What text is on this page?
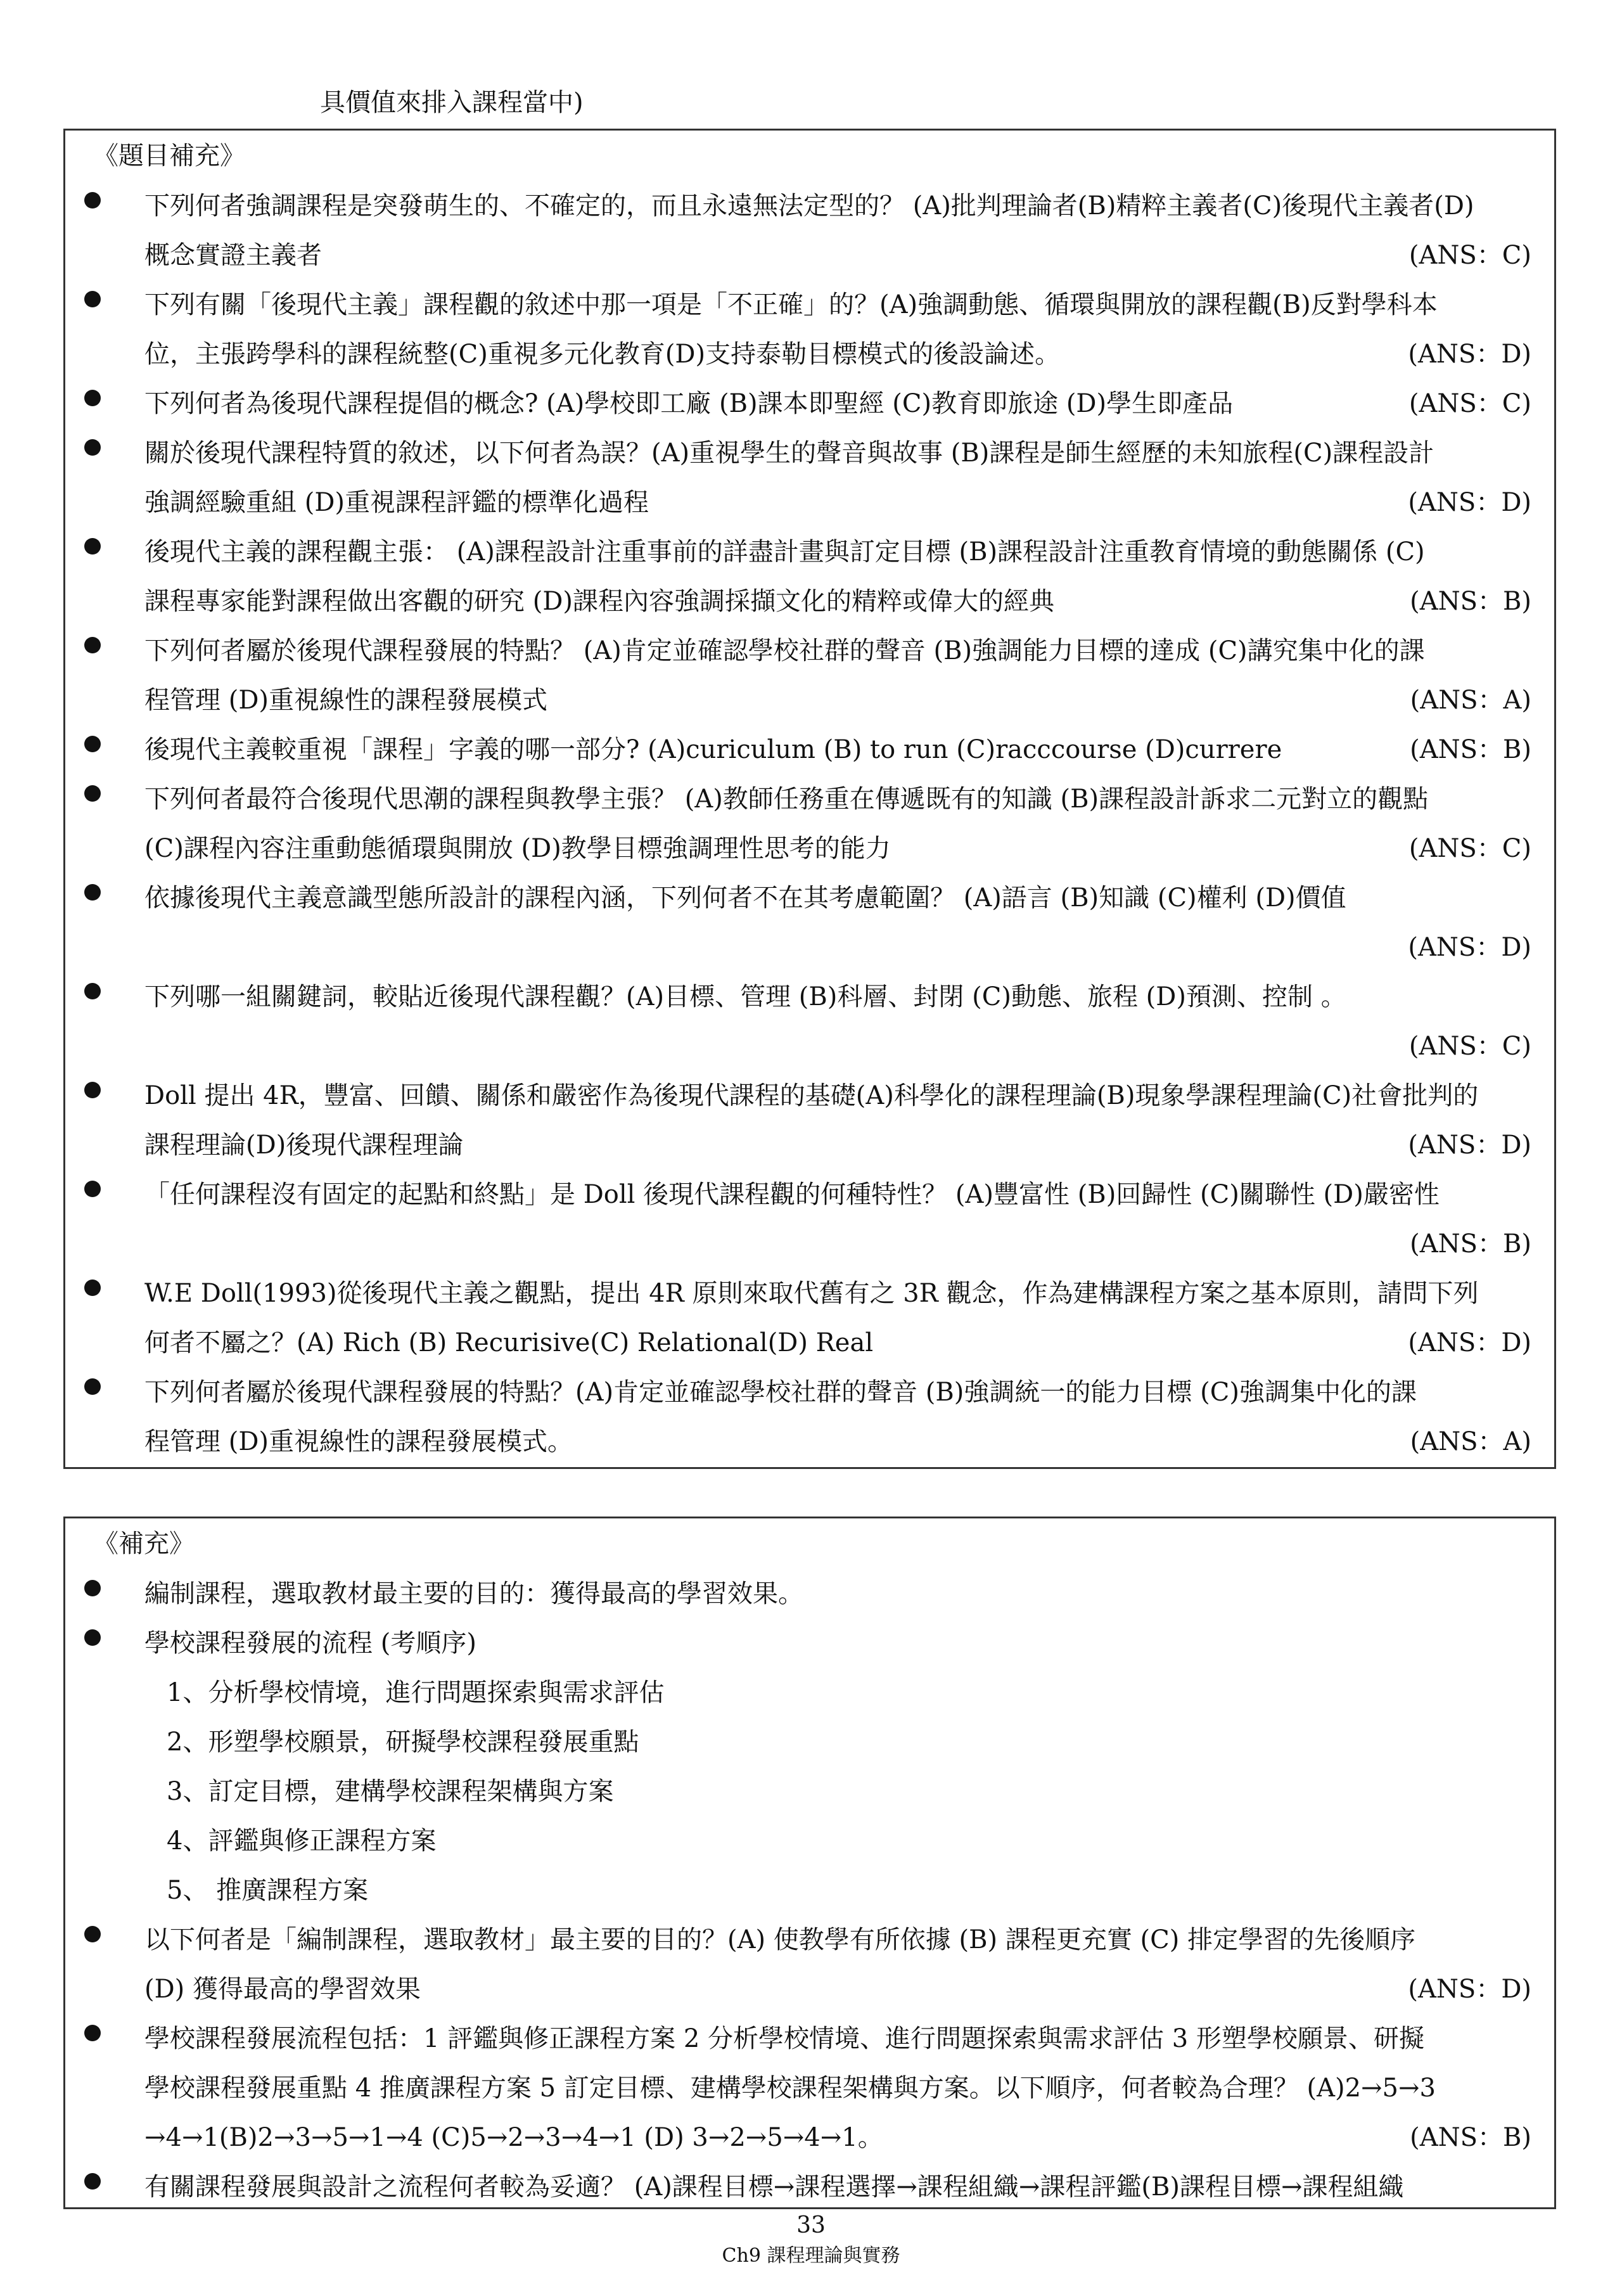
具價值來排入課程當中)
《題目補充》
下列何者強調課程是突發萌生的、不確定的，而且永遠無法定型的？ (A)批判理論者(B)精粹主義者(C)後現代主義者(D)
概念實證主義者	(ANS：C)
下列有關「後現代主義」課程觀的敘述中那一項是「不正確」的？(A)強調動態、循環與開放的課程觀(B)反對學科本
位，主張跨學科的課程統整(C)重視多元化教育(D)支持泰勒目標模式的後設論述。	(ANS：D)
下列何者為後現代課程提倡的概念? (A)學校即工廠 (B)課本即聖經 (C)教育即旅途 (D)學生即產品	(ANS：C)
關於後現代課程特質的敘述，以下何者為誤？(A)重視學生的聲音與故事 (B)課程是師生經歷的未知旅程(C)課程設計
強調經驗重組 (D)重視課程評鑑的標準化過程	(ANS：D)
後現代主義的課程觀主張： (A)課程設計注重事前的詳盡計畫與訂定目標 (B)課程設計注重教育情境的動態關係 (C)
課程專家能對課程做出客觀的研究 (D)課程內容強調採擷文化的精粹或偉大的經典	(ANS：B)
下列何者屬於後現代課程發展的特點？ (A)肯定並確認學校社群的聲音 (B)強調能力目標的達成 (C)講究集中化的課
程管理 (D)重視線性的課程發展模式	(ANS：A)
後現代主義較重視「課程」字義的哪一部分? (A)curiculum (B) to run (C)racccourse (D)currere	(ANS：B)
下列何者最符合後現代思潮的課程與教學主張？ (A)教師任務重在傳遞既有的知識 (B)課程設計訴求二元對立的觀點
(C)課程內容注重動態循環與開放 (D)教學目標強調理性思考的能力	(ANS：C)
依據後現代主義意識型態所設計的課程內涵，下列何者不在其考慮範圍？ (A)語言 (B)知識 (C)權利 (D)價值
(ANS：D)
下列哪一組關鍵詞，較貼近後現代課程觀？(A)目標、管理 (B)科層、封閉 (C)動態、旅程 (D)預測、控制 。
(ANS：C)
Doll 提出 4R，豐富、回饋、關係和嚴密作為後現代課程的基礎(A)科學化的課程理論(B)現象學課程理論(C)社會批判的
課程理論(D)後現代課程理論	(ANS：D)
「任何課程沒有固定的起點和終點」是 Doll 後現代課程觀的何種特性？ (A)豐富性 (B)回歸性 (C)關聯性 (D)嚴密性
(ANS：B)
W.E Doll(1993)從後現代主義之觀點，提出 4R 原則來取代舊有之 3R 觀念，作為建構課程方案之基本原則，請問下列
何者不屬之？(A) Rich (B) Recurisive(C) Relational(D) Real	(ANS：D)
下列何者屬於後現代課程發展的特點？(A)肯定並確認學校社群的聲音 (B)強調統一的能力目標 (C)強調集中化的課
程管理 (D)重視線性的課程發展模式。	(ANS：A)
《補充》
編制課程，選取教材最主要的目的：獲得最高的學習效果。
學校課程發展的流程 (考順序)
1、分析學校情境，進行問題探索與需求評估
2、形塑學校願景，研擬學校課程發展重點
3、訂定目標，建構學校課程架構與方案
4、評鑑與修正課程方案
5、 推廣課程方案
以下何者是「編制課程，選取教材」最主要的目的？(A) 使教學有所依據 (B) 課程更充實 (C) 排定學習的先後順序
(D) 獲得最高的學習效果	(ANS：D)
學校課程發展流程包括：1 評鑑與修正課程方案 2 分析學校情境、進行問題探索與需求評估 3 形塑學校願景、研擬
學校課程發展重點 4 推廣課程方案 5 訂定目標、建構學校課程架構與方案。以下順序，何者較為合理？ (A)2→5→3
→4→1(B)2→3→5→1→4 (C)5→2→3→4→1 (D) 3→2→5→4→1。	(ANS：B)
有關課程發展與設計之流程何者較為妥適？ (A)課程目標→課程選擇→課程組織→課程評鑑(B)課程目標→課程組織
33
Ch9 課程理論與實務
